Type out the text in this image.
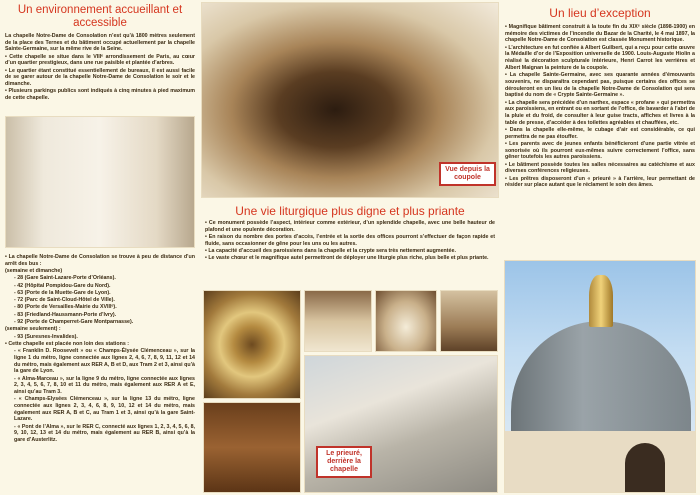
Un environnement accueillant et accessible
La chapelle Notre-Dame de Consolation n’est qu’à 1800 mètres seulement de la place des Ternes et du bâtiment occupé actuellement par la chapelle Sainte-Germaine, sur la même rive de la Seine.
• Cette chapelle se situe dans le VIIIᵉ arrondissement de Paris, au cœur d’un quartier prestigieux, dans une rue paisible et plantée d’arbres.
• Le quartier étant constitué essentiellement de bureaux, il est aussi facile de se garer autour de la chapelle Notre-Dame de Consolation le soir et le dimanche.
• Plusieurs parkings publics sont indiqués à cinq minutes à pied maximum de cette chapelle.
• La chapelle Notre-Dame de Consolation se trouve à peu de distance d’un arrêt des bus :
(semaine et dimanche)
- 28 (Gare Saint-Lazare-Porte d’Orléans).
- 42 (Hôpital Pompidou-Gare du Nord).
- 63 (Porte de la Muette-Gare de Lyon).
- 72 (Parc de Saint-Cloud-Hôtel de Ville).
- 80 (Porte de Versailles-Mairie du XVIIIᵉ).
- 83 (Friedland-Haussmann-Porte d’Ivry).
- 92 (Porte de Champerret-Gare Montparnasse).
(semaine seulement) :
- 93 (Suresnes-Invalides).
• Cette chapelle est placée non loin des stations :
- « Franklin D. Roosevelt » ou « Champs-Élysée Clémenceau », sur la ligne 1 du métro, ligne connectée aux lignes 2, 4, 6, 7, 8, 9, 11, 12 et 14 du métro, mais également aux RER A, B et D, aux Tram 2 et 3, ainsi qu’à la gare de Lyon.
- « Alma-Marceau », sur la ligne 9 du métro, ligne connectée aux lignes 2, 3, 4, 5, 6, 7, 8, 10 et 11 du métro, mais également aux RER A et E, ainsi qu’au Tram 3.
- « Champs-Elysées Clémenceau », sur la ligne 13 du métro, ligne connectée aux lignes 2, 3, 4, 6, 8, 9, 10, 12 et 14 du métro, mais également aux RER A, B et C, au Tram 1 et 3, ainsi qu’à la gare Saint-Lazare.
- « Pont de l’Alma », sur le RER C, connecté aux lignes 1, 2, 3, 4, 5, 6, 8, 9, 10, 12, 13 et 14 du métro, mais également au RER B, ainsi qu’à la gare d’Austerlitz.
Vue depuis la coupole
Une vie liturgique plus digne et plus priante
• Ce monument possède l’aspect, intérieur comme extérieur, d’un splendide chapelle, avec une belle hauteur de plafond et une opulente décoration.
• En raison du nombre des portes d’accès, l’entrée et la sortie des offices pourront s’effectuer de façon rapide et fluide, sans occasionner de gêne pour les uns ou les autres.
• La capacité d’accueil des paroissiens dans la chapelle et la crypte sera très nettement augmentée.
• Le vaste chœur et le magnifique autel permettront de déployer une liturgie plus riche, plus belle et plus priante.
Le prieuré, derrière la chapelle
Un lieu d’exception
• Magnifique bâtiment construit à la toute fin du XIXᵉ siècle (1898-1900) en mémoire des victimes de l’incendie du Bazar de la Charité, le 4 mai 1897, la chapelle Notre-Dame de Consolation est classée Monument historique.
• L’architecture en fut confiée à Albert Guilbert, qui a reçu pour cette œuvre la Médaille d’or de l’Exposition universelle de 1900. Louis-Auguste Hiolin a réalisé la décoration sculpturale intérieure, Henri Carrot les verrières et Albert Maignan la peinture de la coupole.
• La chapelle Sainte-Germaine, avec ses quarante années d’émouvants souvenirs, ne disparaîtra cependant pas, puisque certains des offices se dérouleront en un lieu de la chapelle Notre-Dame de Consolation qui sera baptisé du nom de « Crypte Sainte-Germaine ».
• La chapelle sera précédée d’un narthex, espace « profane » qui permettra aux paroissiens, en entrant ou en sortant de l’office, de bavarder à l’abri de la pluie et du froid, de consulter à leur guise tracts, affiches et livres à la table de presse, d’accéder à des toilettes agréables et chauffées, etc.
• Dans la chapelle elle-même, le cubage d’air est considérable, ce qui permettra de ne pas étouffer.
• Les parents avec de jeunes enfants bénéficieront d’une partie vitrée et sonorisée où ils pourront eux-mêmes suivre correctement l’office, sans gêner toutefois les autres paroissiens.
• Le bâtiment possède toutes les salles nécessaires au catéchisme et aux diverses conférences religieuses.
• Les prêtres disposeront d’un « prieuré » à l’arrière, leur permettant de résider sur place autant que le réclament le soin des âmes.
